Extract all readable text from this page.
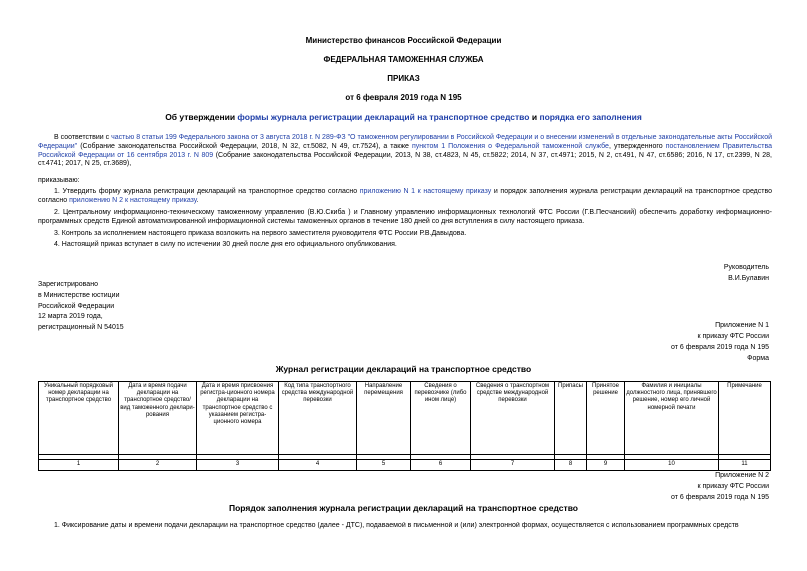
Министерство финансов Российской Федерации
ФЕДЕРАЛЬНАЯ ТАМОЖЕННАЯ СЛУЖБА
ПРИКАЗ
от 6 февраля 2019 года N 195
Об утверждении формы журнала регистрации деклараций на транспортное средство и порядка его заполнения
В соответствии с частью 8 статьи 199 Федерального закона от 3 августа 2018 г. N 289-ФЗ "О таможенном регулировании в Российской Федерации и о внесении изменений в отдельные законодательные акты Российской Федерации" (Собрание законодательства Российской Федерации, 2018, N 32, ст.5082, N 49, ст.7524), а также пунктом 1 Положения о Федеральной таможенной службе, утвержденного постановлением Правительства Российской Федерации от 16 сентября 2013 г. N 809 (Собрание законодательства Российской Федерации, 2013, N 38, ст.4823, N 45, ст.5822; 2014, N 37, ст.4971; 2015, N 2, ст.491, N 47, ст.6586; 2016, N 17, ст.2399, N 28, ст.4741; 2017, N 25, ст.3689),
приказываю:
1. Утвердить форму журнала регистрации деклараций на транспортное средство согласно приложению N 1 к настоящему приказу и порядок заполнения журнала регистрации деклараций на транспортное средство согласно приложению N 2 к настоящему приказу.
2. Центральному информационно-техническому таможенному управлению (В.Ю.Скиба ) и Главному управлению информационных технологий ФТС России (Г.В.Песчанский) обеспечить доработку информационно-программных средств Единой автоматизированной информационной системы таможенных органов в течение 180 дней со дня вступления в силу настоящего приказа.
3. Контроль за исполнением настоящего приказа возложить на первого заместителя руководителя ФТС России Р.В.Давыдова.
4. Настоящий приказ вступает в силу по истечении 30 дней после дня его официального опубликования.
Руководитель
В.И.Булавин
Зарегистрировано
в Министерстве юстиции
Российской Федерации
12 марта 2019 года,
регистрационный N 54015	Приложение N 1
к приказу ФТС России
от 6 февраля 2019 года N 195
Форма
Журнал регистрации деклараций на транспортное средство
Уникальный порядковый номер декларации на транспортное средство	Дата и время подачи декларации на транспортное средство/вид таможенного деклари-рования	Дата и время присвоения регистра-ционного номера декларации на транспортное средство с указанием регистра-ционного номера	Код типа транспортного средства международной перевозки	Направление перемещения	Сведения о перевозчике (либо ином лице)	Сведения о транспортном средстве международной перевозки	Припасы	Принятое решение	Фамилия и инициалы должностного лица, принявшего решение, номер его личной номерной печати	Примечание

1	2	3	4	5	6	7	8	9	10	11
Приложение N 2
к приказу ФТС России
от 6 февраля 2019 года N 195
Порядок заполнения журнала регистрации деклараций на транспортное средство
1. Фиксирование даты и времени подачи декларации на транспортное средство (далее - ДТС), подаваемой в письменной и (или) электронной формах, осуществляется с использованием программных средств
